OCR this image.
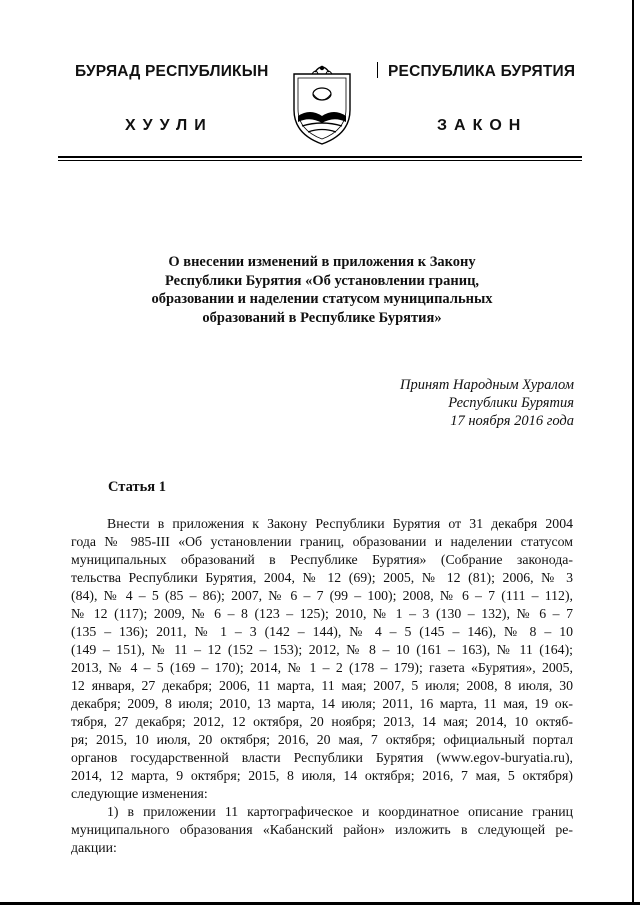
БУРЯАД РЕСПУБЛИКЫН	РЕСПУБЛИКА БУРЯТИЯ
ХУУЛИ	ЗАКОН
О внесении изменений в приложения к Закону
Республики Бурятия «Об установлении границ,
образовании и наделении статусом муниципальных
образований в Республике Бурятия»
Принят Народным Хуралом
Республики Бурятия
17 ноября 2016 года
Статья 1
Внести в приложения к Закону Республики Бурятия от 31 декабря 2004
года № 985-III «Об установлении границ, образовании и наделении статусом
муниципальных образований в Республике Бурятия» (Собрание законода-
тельства Республики Бурятия, 2004, № 12 (69); 2005, № 12 (81); 2006, № 3
(84), № 4 – 5 (85 – 86); 2007, № 6 – 7 (99 – 100); 2008, № 6 – 7 (111 – 112),
№ 12 (117); 2009, № 6 – 8 (123 – 125); 2010, № 1 – 3 (130 – 132), № 6 – 7
(135 – 136); 2011, № 1 – 3 (142 – 144), № 4 – 5 (145 – 146), № 8 – 10
(149 – 151), № 11 – 12 (152 – 153); 2012, № 8 – 10 (161 – 163), № 11 (164);
2013, № 4 – 5 (169 – 170); 2014, № 1 – 2 (178 – 179); газета «Бурятия», 2005,
12 января, 27 декабря; 2006, 11 марта, 11 мая; 2007, 5 июля; 2008, 8 июля, 30
декабря; 2009, 8 июля; 2010, 13 марта, 14 июля; 2011, 16 марта, 11 мая, 19 ок-
тября, 27 декабря; 2012, 12 октября, 20 ноября; 2013, 14 мая; 2014, 10 октяб-
ря; 2015, 10 июля, 20 октября; 2016, 20 мая, 7 октября; официальный портал
органов государственной власти Республики Бурятия (www.egov-buryatia.ru),
2014, 12 марта, 9 октября; 2015, 8 июля, 14 октября; 2016, 7 мая, 5 октября)
следующие изменения:
1) в приложении 11 картографическое и координатное описание границ
муниципального образования «Кабанский район» изложить в следующей ре-
дакции:
